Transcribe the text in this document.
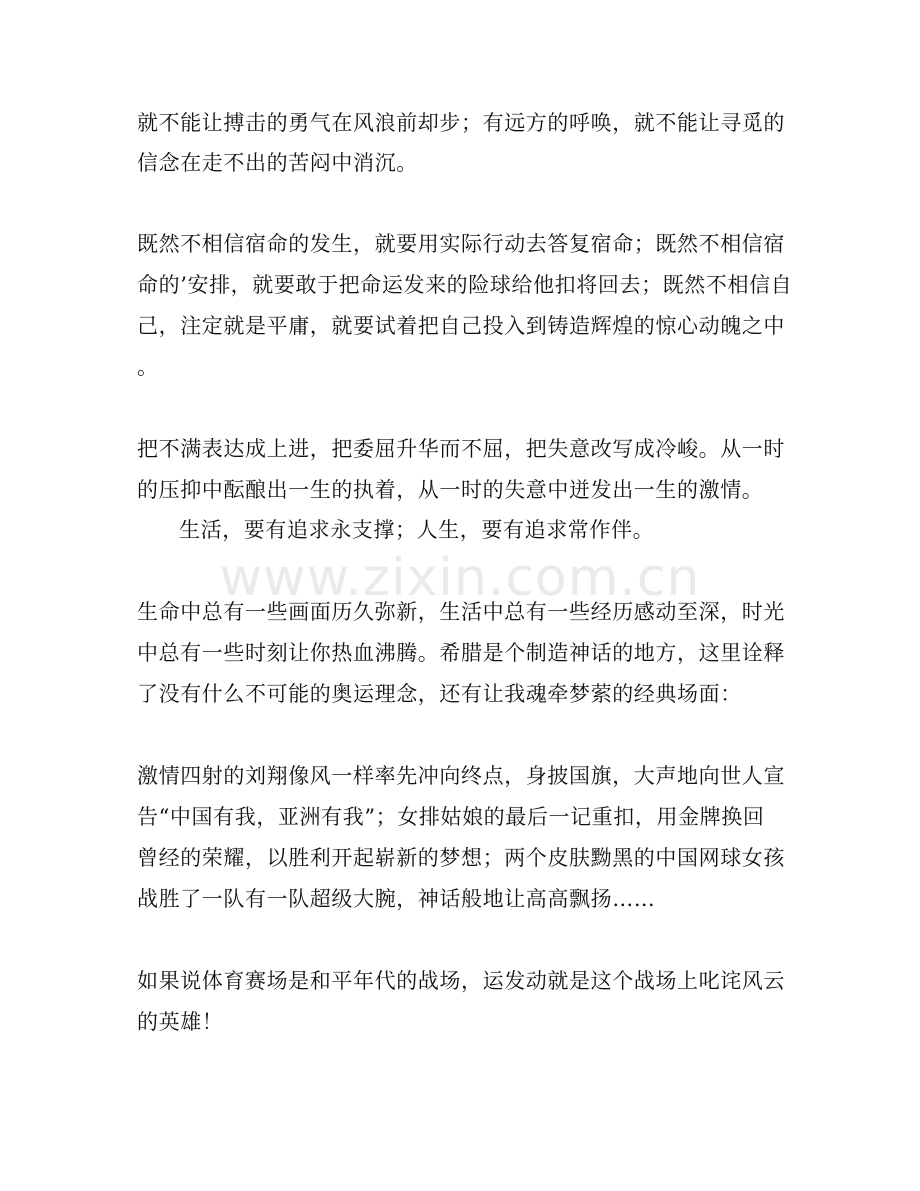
www.zixin.com.cn
就不能让搏击的勇气在风浪前却步；有远方的呼唤，就不能让寻觅的
信念在走不出的苦闷中消沉。
既然不相信宿命的发生，就要用实际行动去答复宿命；既然不相信宿
命的’安排，就要敢于把命运发来的险球给他扣将回去；既然不相信自
己，注定就是平庸，就要试着把自己投入到铸造辉煌的惊心动魄之中
。
把不满表达成上进，把委屈升华而不屈，把失意改写成冷峻。从一时
的压抑中酝酿出一生的执着，从一时的失意中迸发出一生的激情。
生活，要有追求永支撑；人生，要有追求常作伴。
生命中总有一些画面历久弥新，生活中总有一些经历感动至深，时光
中总有一些时刻让你热血沸腾。希腊是个制造神话的地方，这里诠释
了没有什么不可能的奥运理念，还有让我魂牵梦萦的经典场面：
激情四射的刘翔像风一样率先冲向终点，身披国旗，大声地向世人宣
告“中国有我，亚洲有我”；女排姑娘的最后一记重扣，用金牌换回
曾经的荣耀，以胜利开起崭新的梦想；两个皮肤黝黑的中国网球女孩
战胜了一队有一队超级大腕，神话般地让高高飘扬……
如果说体育赛场是和平年代的战场，运发动就是这个战场上叱诧风云
的英雄！
